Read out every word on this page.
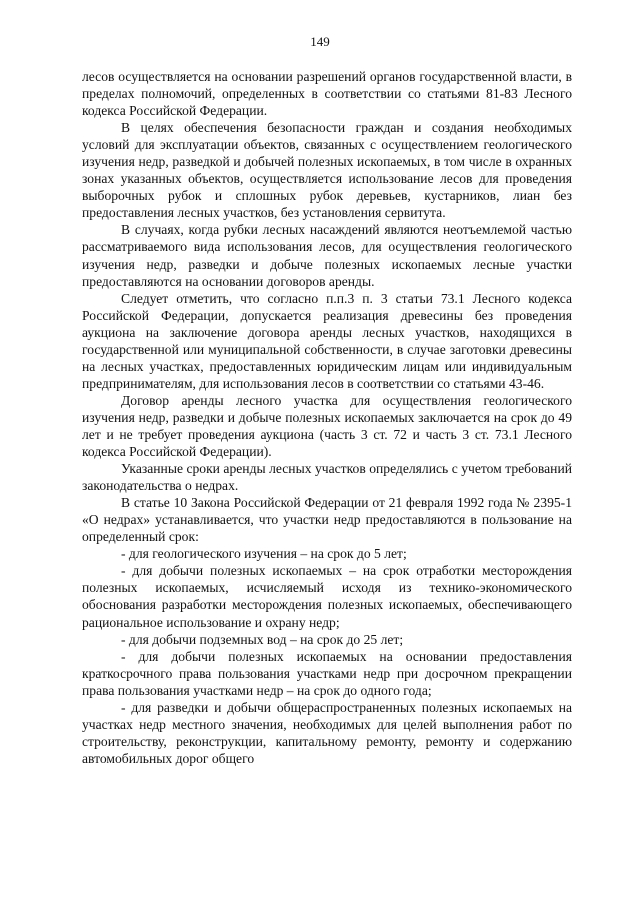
149

лесов осуществляется на основании разрешений органов государственной власти, в пределах полномочий, определенных в соответствии со статьями 81-83 Лесного кодекса Российской Федерации.

В целях обеспечения безопасности граждан и создания необходимых условий для эксплуатации объектов, связанных с осуществлением геологического изучения недр, разведкой и добычей полезных ископаемых, в том числе в охранных зонах указанных объектов, осуществляется использование лесов для проведения выборочных рубок и сплошных рубок деревьев, кустарников, лиан без предоставления лесных участков, без установления сервитута.

В случаях, когда рубки лесных насаждений являются неотъемлемой частью рассматриваемого вида использования лесов, для осуществления геологического изучения недр, разведки и добыче полезных ископаемых лесные участки предоставляются на основании договоров аренды.

Следует отметить, что согласно п.п.3 п. 3 статьи 73.1 Лесного кодекса Российской Федерации, допускается реализация древесины без проведения аукциона на заключение договора аренды лесных участков, находящихся в государственной или муниципальной собственности, в случае заготовки древесины на лесных участках, предоставленных юридическим лицам или индивидуальным предпринимателям, для использования лесов в соответствии со статьями 43-46.

Договор аренды лесного участка для осуществления геологического изучения недр, разведки и добыче полезных ископаемых заключается на срок до 49 лет и не требует проведения аукциона (часть 3 ст. 72 и часть 3 ст. 73.1 Лесного кодекса Российской Федерации).

Указанные сроки аренды лесных участков определялись с учетом требований законодательства о недрах.

В статье 10 Закона Российской Федерации от 21 февраля 1992 года № 2395-1 «О недрах» устанавливается, что участки недр предоставляются в пользование на определенный срок:

- для геологического изучения – на срок до 5 лет;

- для добычи полезных ископаемых – на срок отработки месторождения полезных ископаемых, исчисляемый исходя из технико-экономического обоснования разработки месторождения полезных ископаемых, обеспечивающего рациональное использование и охрану недр;

- для добычи подземных вод – на срок до 25 лет;

- для добычи полезных ископаемых на основании предоставления краткосрочного права пользования участками недр при досрочном прекращении права пользования участками недр – на срок до одного года;

- для разведки и добычи общераспространенных полезных ископаемых на участках недр местного значения, необходимых для целей выполнения работ по строительству, реконструкции, капитальному ремонту, ремонту и содержанию автомобильных дорог общего
